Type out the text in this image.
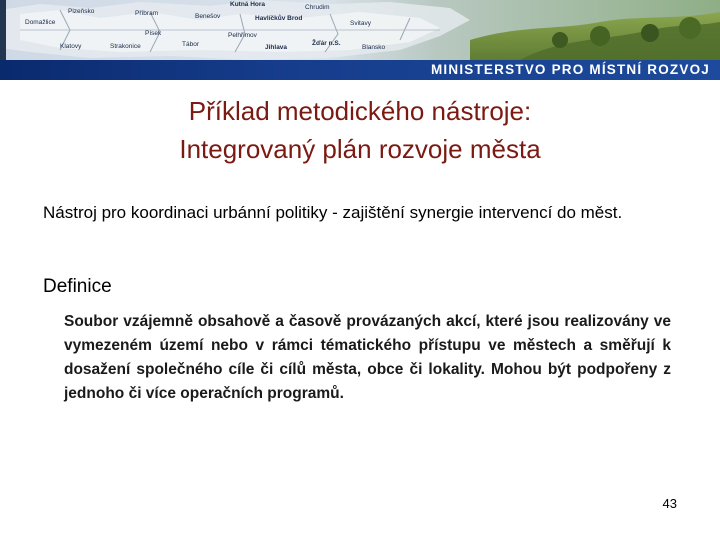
Plzeňsko	Příbram	Benešov
Kutná Hora	Chrudim
Domažlice
Havlíčkův Brod
Svitavy
Klatovy	Strakonice
Písek
Tábor
Pelhřimov
Jihlava
Žďár n.S.
Blansko
MINISTERSTVO PRO MÍSTNÍ ROZVOJ
Příklad metodického nástroje:
Integrovaný plán rozvoje města
Nástroj pro koordinaci urbánní politiky - zajištění synergie intervencí do měst.
Definice
Soubor vzájemně obsahově a časově provázaných akcí, které jsou realizovány ve vymezeném území nebo v rámci tématického přístupu ve městech a směřují k dosažení společného cíle či cílů města, obce či lokality. Mohou být podpořeny z jednoho či více operačních programů.
43
